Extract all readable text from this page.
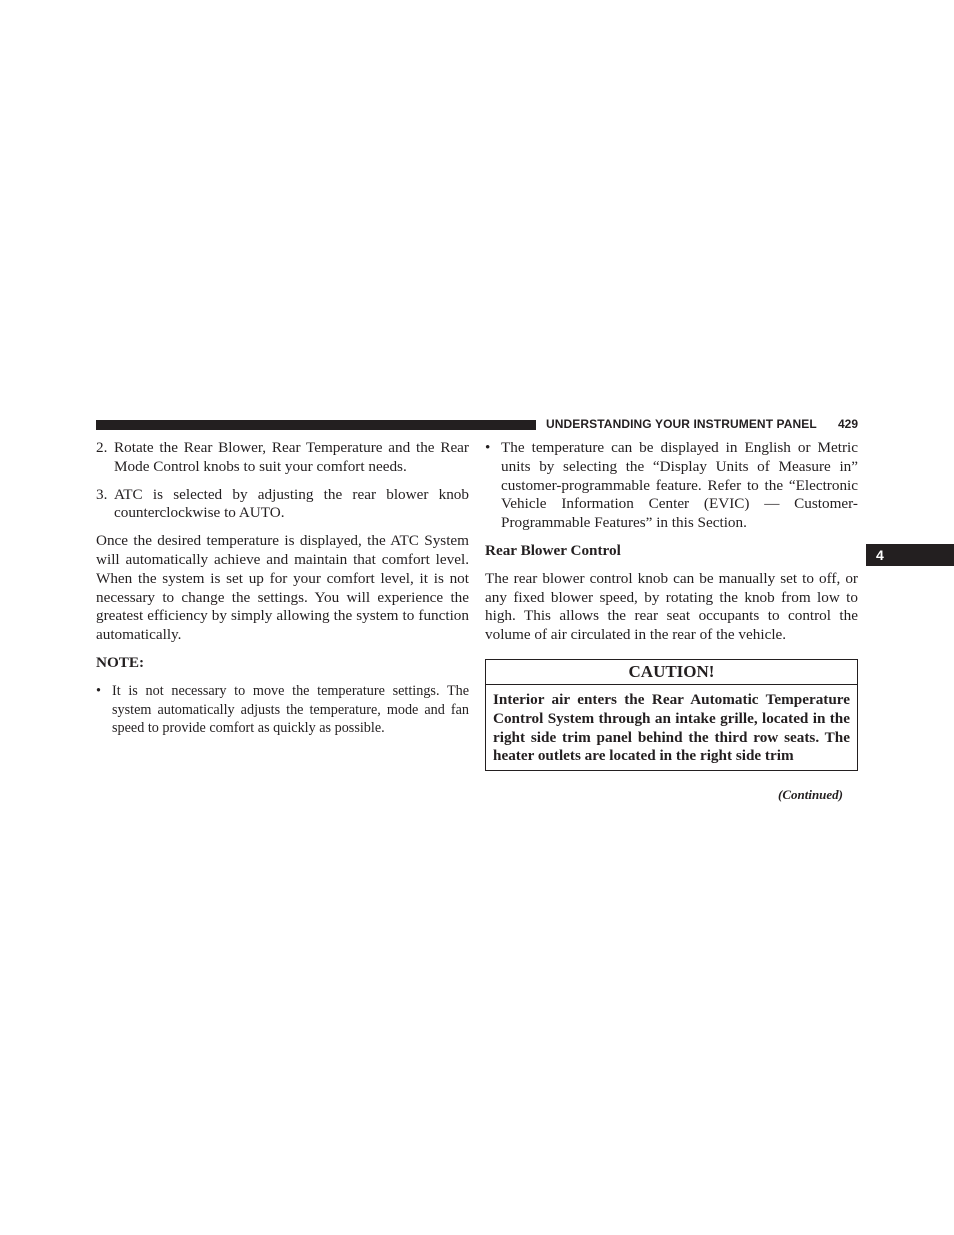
UNDERSTANDING YOUR INSTRUMENT PANEL 429
4
2. Rotate the Rear Blower, Rear Temperature and the Rear Mode Control knobs to suit your comfort needs.
3. ATC is selected by adjusting the rear blower knob counterclockwise to AUTO.

Once the desired temperature is displayed, the ATC System will automatically achieve and maintain that comfort level. When the system is set up for your comfort level, it is not necessary to change the settings. You will experience the greatest efficiency by simply allowing the system to function automatically.

NOTE:

• It is not necessary to move the temperature settings. The system automatically adjusts the temperature, mode and fan speed to provide comfort as quickly as possible.
• The temperature can be displayed in English or Metric units by selecting the “Display Units of Measure in” customer-programmable feature. Refer to the “Electronic Vehicle Information Center (EVIC) — Customer-Programmable Features” in this Section.

Rear Blower Control

The rear blower control knob can be manually set to off, or any fixed blower speed, by rotating the knob from low to high. This allows the rear seat occupants to control the volume of air circulated in the rear of the vehicle.

CAUTION!
Interior air enters the Rear Automatic Temperature Control System through an intake grille, located in the right side trim panel behind the third row seats. The heater outlets are located in the right side trim
(Continued)
